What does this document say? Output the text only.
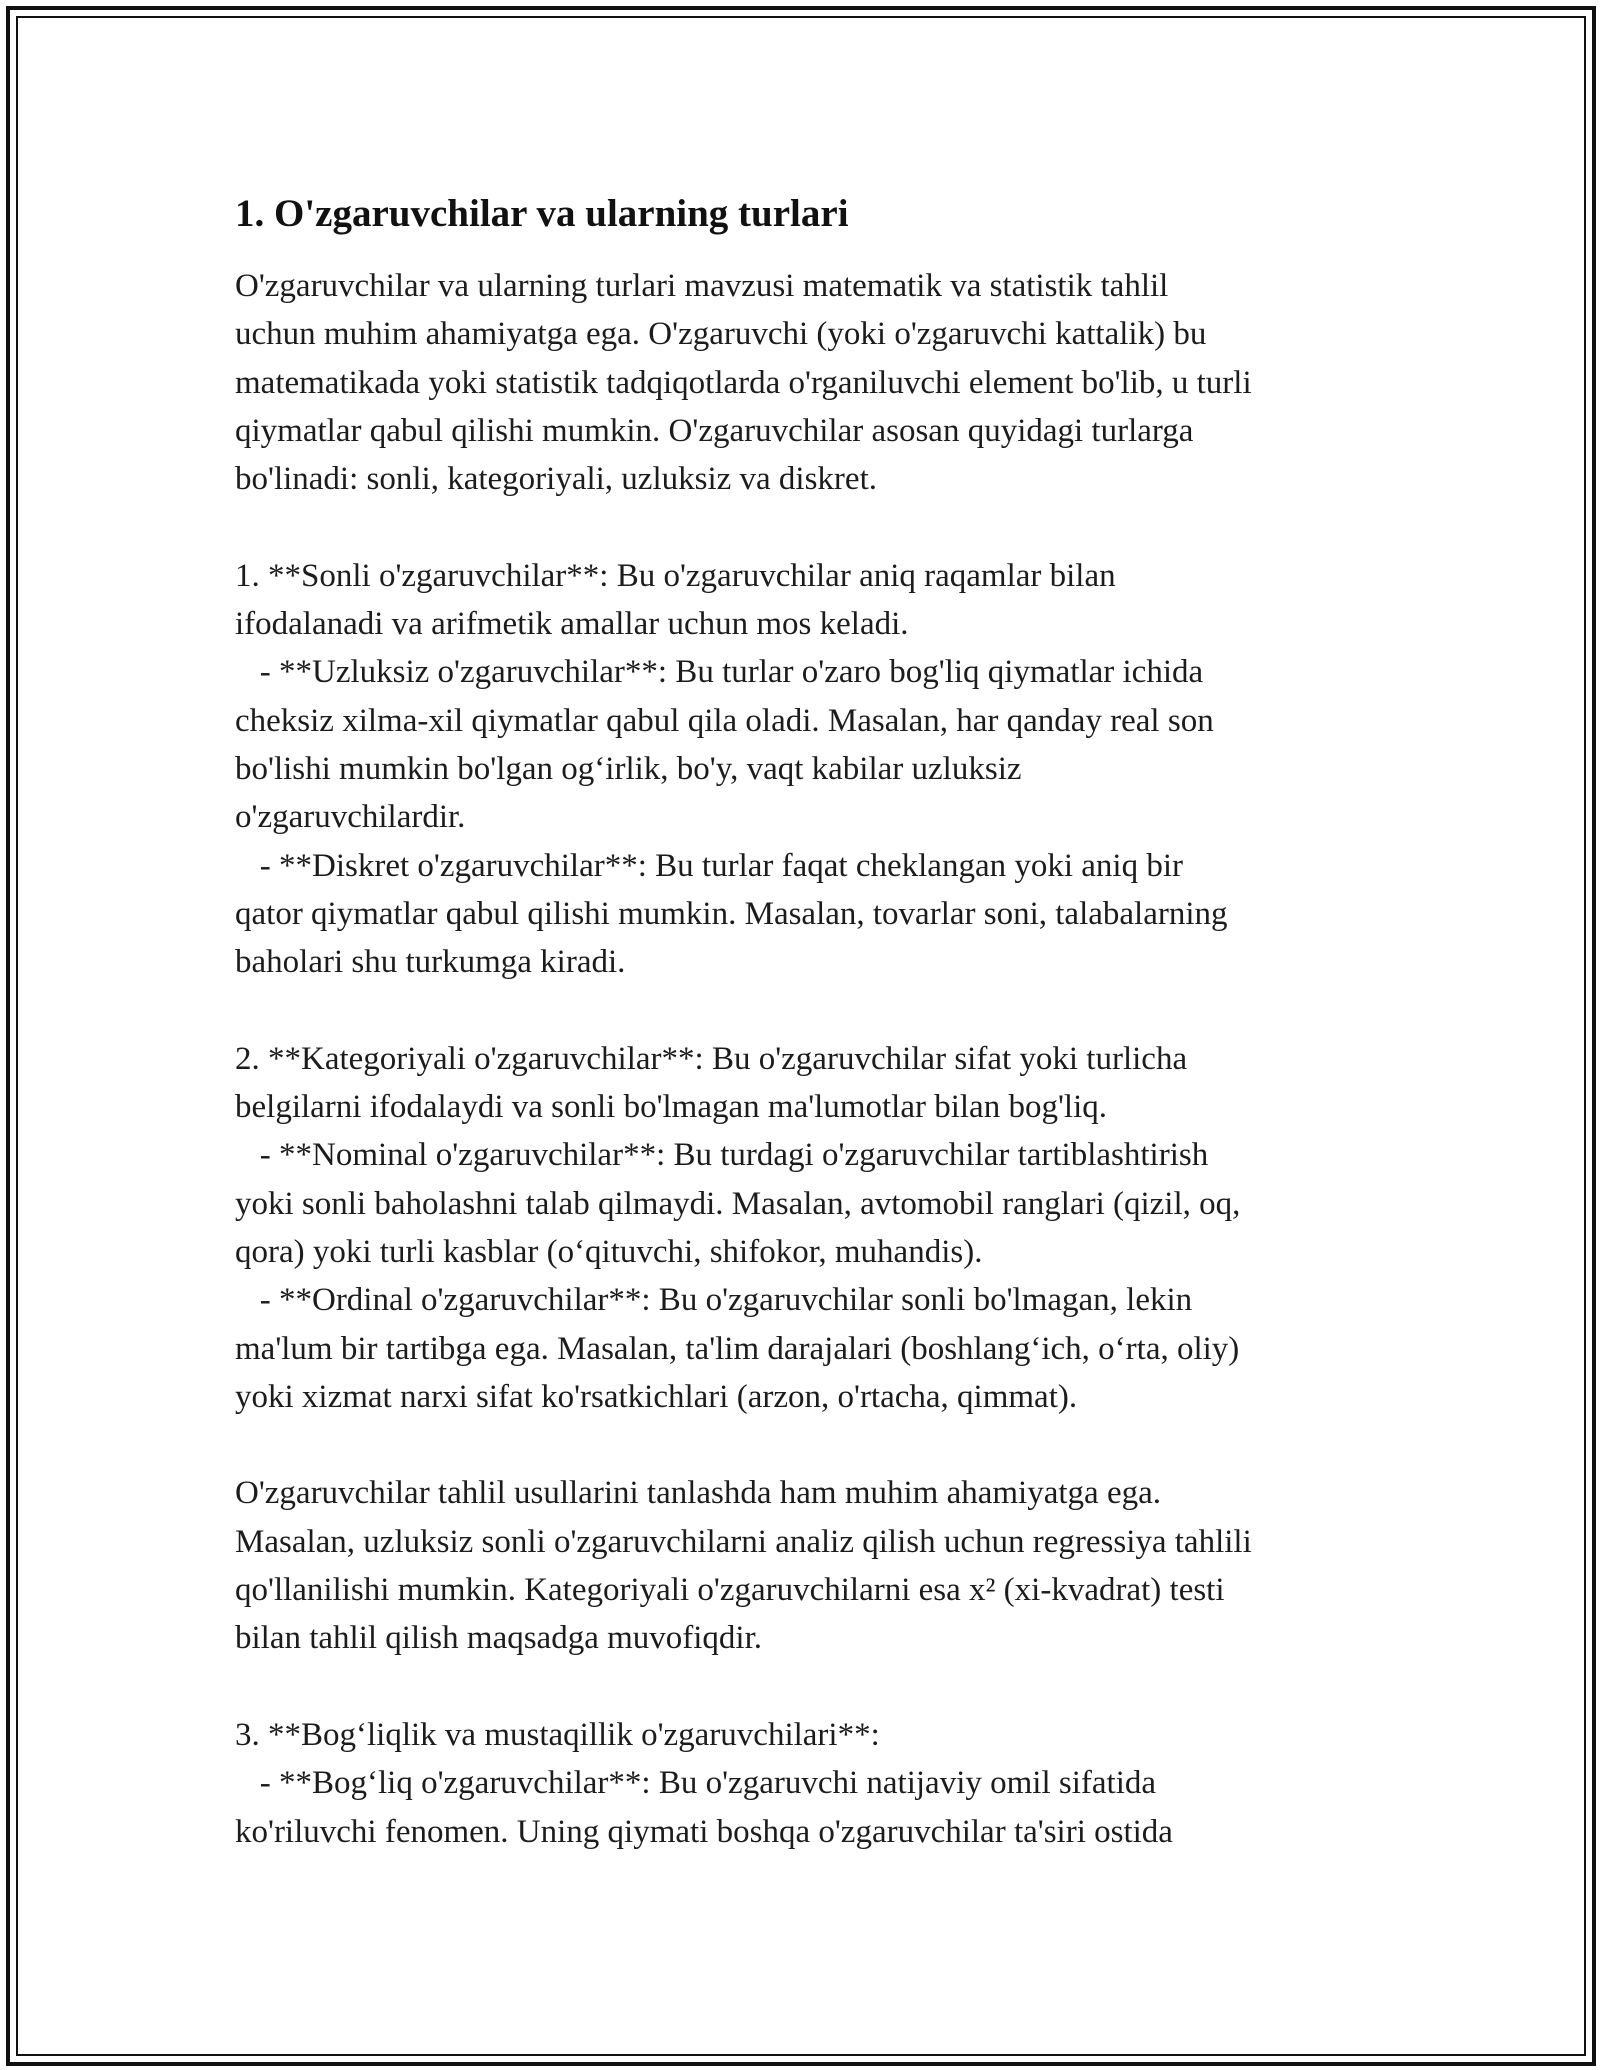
1. O'zgaruvchilar va ularning turlari
O'zgaruvchilar va ularning turlari mavzusi matematik va statistik tahlil
uchun muhim ahamiyatga ega. O'zgaruvchi (yoki o'zgaruvchi kattalik) bu
matematikada yoki statistik tadqiqotlarda o'rganiluvchi element bo'lib, u turli
qiymatlar qabul qilishi mumkin. O'zgaruvchilar asosan quyidagi turlarga
bo'linadi: sonli, kategoriyali, uzluksiz va diskret.
1. **Sonli o'zgaruvchilar**: Bu o'zgaruvchilar aniq raqamlar bilan
ifodalanadi va arifmetik amallar uchun mos keladi.
- **Uzluksiz o'zgaruvchilar**: Bu turlar o'zaro bog'liq qiymatlar ichida
cheksiz xilma-xil qiymatlar qabul qila oladi. Masalan, har qanday real son
bo'lishi mumkin bo'lgan og‘irlik, bo'y, vaqt kabilar uzluksiz
o'zgaruvchilardir.
- **Diskret o'zgaruvchilar**: Bu turlar faqat cheklangan yoki aniq bir
qator qiymatlar qabul qilishi mumkin. Masalan, tovarlar soni, talabalarning
baholari shu turkumga kiradi.
2. **Kategoriyali o'zgaruvchilar**: Bu o'zgaruvchilar sifat yoki turlicha
belgilarni ifodalaydi va sonli bo'lmagan ma'lumotlar bilan bog'liq.
- **Nominal o'zgaruvchilar**: Bu turdagi o'zgaruvchilar tartiblashtirish
yoki sonli baholashni talab qilmaydi. Masalan, avtomobil ranglari (qizil, oq,
qora) yoki turli kasblar (o‘qituvchi, shifokor, muhandis).
- **Ordinal o'zgaruvchilar**: Bu o'zgaruvchilar sonli bo'lmagan, lekin
ma'lum bir tartibga ega. Masalan, ta'lim darajalari (boshlang‘ich, o‘rta, oliy)
yoki xizmat narxi sifat ko'rsatkichlari (arzon, o'rtacha, qimmat).
O'zgaruvchilar tahlil usullarini tanlashda ham muhim ahamiyatga ega.
Masalan, uzluksiz sonli o'zgaruvchilarni analiz qilish uchun regressiya tahlili
qo'llanilishi mumkin. Kategoriyali o'zgaruvchilarni esa x² (xi-kvadrat) testi
bilan tahlil qilish maqsadga muvofiqdir.
3. **Bog‘liqlik va mustaqillik o'zgaruvchilari**:
- **Bog‘liq o'zgaruvchilar**: Bu o'zgaruvchi natijaviy omil sifatida
ko'riluvchi fenomen. Uning qiymati boshqa o'zgaruvchilar ta'siri ostida
